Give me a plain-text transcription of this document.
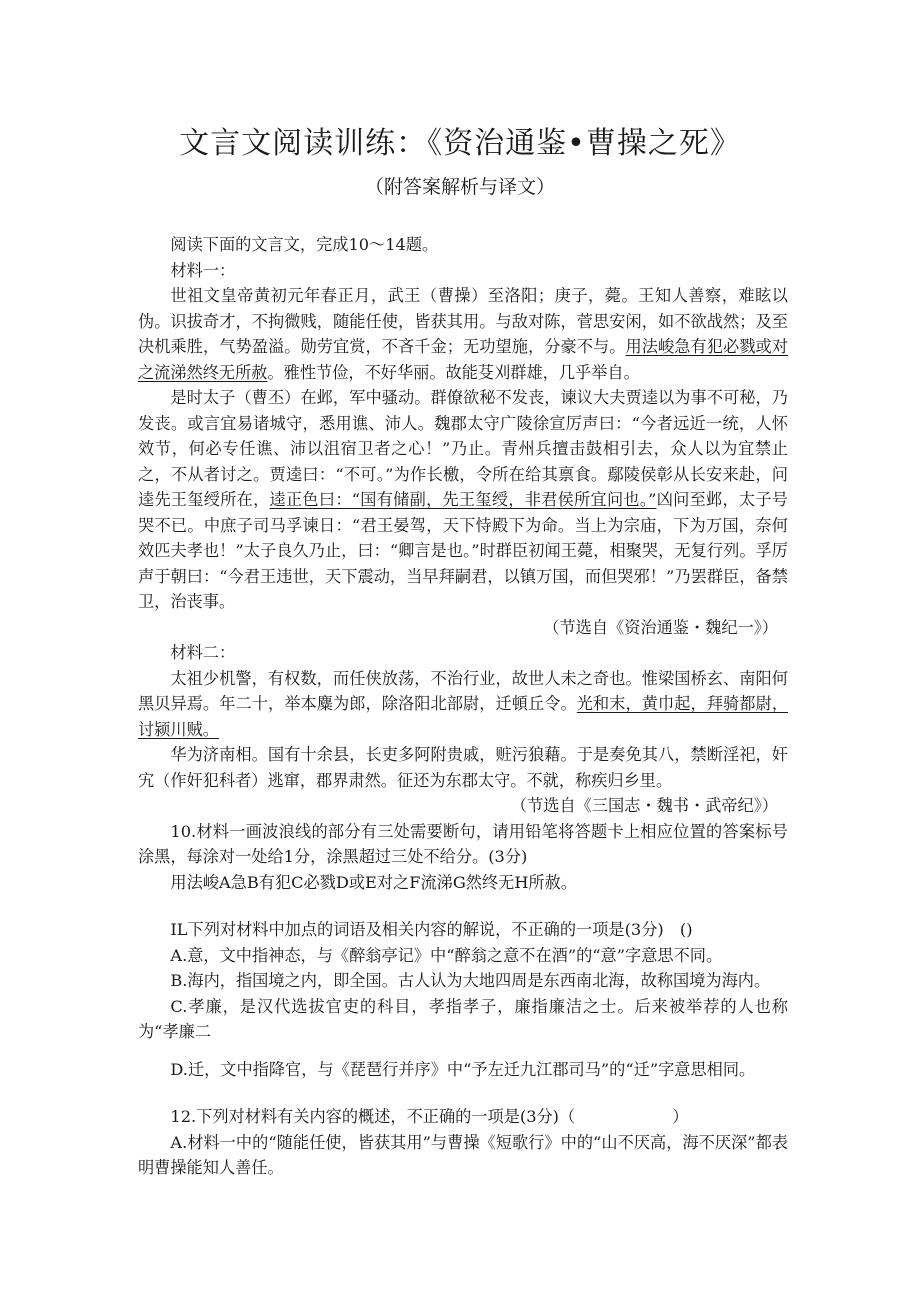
文言文阅读训练：《资治通鉴•曹操之死》
（附答案解析与译文）

阅读下面的文言文，完成10～14题。

材料一：

世祖文皇帝黄初元年春正月，武王（曹操）至洛阳；庚子，薨。王知人善察，难眩以伪。识拔奇才，不拘微贱，随能任使，皆获其用。与敌对陈，菅思安闲，如不欲战然；及至决机乘胜，气势盈溢。勋劳宜赏，不吝千金；无功望施，分豪不与。用法峻急有犯必戮或对之流涕然终无所赦。雅性节俭，不好华丽。故能芟刈群雄，几乎举自。

是时太子（曹丕）在邺，军中骚动。群僚欲秘不发丧，谏议大夫贾逵以为事不可秘，乃发丧。或言宜易诸城守，悉用谯、沛人。魏郡太守广陵徐宣厉声曰：“今者远近一统，人怀效节，何必专任谯、沛以沮宿卫者之心！”乃止。青州兵擅击鼓相引去，众人以为宜禁止之，不从者讨之。贾逵曰：“不可。”为作长檄，令所在给其禀食。鄢陵侯彰从长安来赴，问逵先王玺绶所在，逵正色曰：“国有储副，先王玺绶，非君侯所宜问也。”凶问至邺，太子号哭不已。中庶子司马孚谏日：“君王晏驾，天下恃殿下为命。当上为宗庙，下为万国，奈何效匹夫孝也！”太子良久乃止，曰：“卿言是也。”时群臣初闻王薨，相聚哭，无复行列。孚厉声于朝曰：“今君王违世，天下震动，当早拜嗣君，以镇万国，而但哭邪！”乃罢群臣，备禁卫，治丧事。

（节选自《资治通鉴・魏纪一》）

材料二：

太祖少机警，有权数，而任侠放荡，不治行业，故世人未之奇也。惟梁国桥玄、南阳何黑贝异焉。年二十，举本麋为郎，除洛阳北部尉，迁頓丘令。光和末，黄巾起，拜骑都尉，讨颍川贼。

华为济南相。国有十余县，长吏多阿附贵戚，赃污狼藉。于是奏免其八，禁断淫祀，奸宄（作奸犯科者）逃窜，郡界肃然。征还为东郡太守。不就，称疾归乡里。

（节选自《三国志・魏书・武帝纪》）

10.材料一画波浪线的部分有三处需要断句，请用铅笔将答题卡上相应位置的答案标号涂黑，每涂对一处给1分，涂黑超过三处不给分。(3分)

用法峻A急B有犯C必戮D或E对之F流涕G然终无H所赦。

IL下列对材料中加点的词语及相关内容的解说，不正确的一项是(3分)　()

A.意，文中指神态，与《醉翁亭记》中“醉翁之意不在酒”的“意”字意思不同。

B.海内，指国境之内，即全国。古人认为大地四周是东西南北海，故称国境为海内。

C.孝廉，是汉代选拔官吏的科目，孝指孝子，廉指廉洁之士。后来被举荐的人也称为“孝廉二

D.迁，文中指降官，与《琵琶行并序》中“予左迁九江郡司马”的“迁”字意思相同。

12.下列对材料有关内容的概述，不正确的一项是(3分)（　　　　　　）

A.材料一中的“随能任使，皆获其用”与曹操《短歌行》中的“山不厌高，海不厌深”都表明曹操能知人善任。
